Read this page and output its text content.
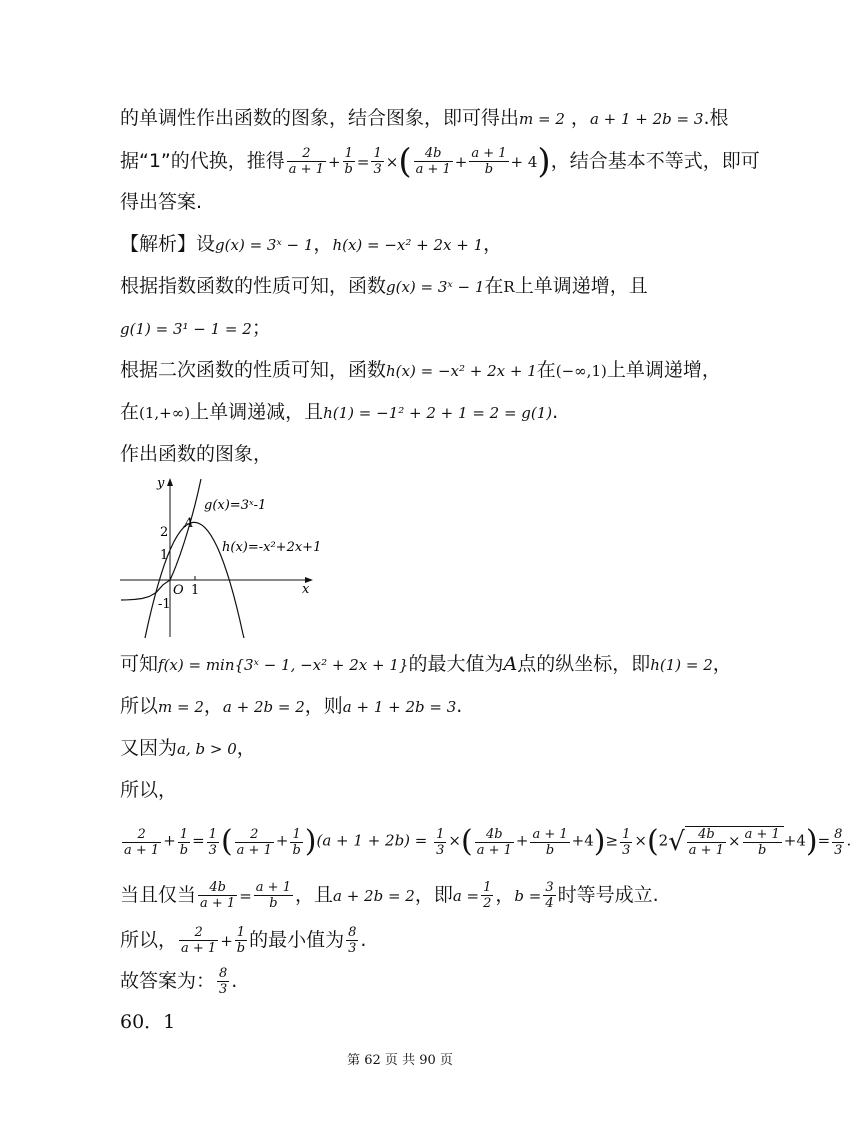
的单调性作出函数的图象，结合图象，即可得出m = 2 ，a + 1 + 2b = 3.根
据“1”的代换，推得 $\frac{2}{a + 1} + \frac{1}{b} = \frac{1}{3}$ ×( $\frac{4b}{a + 1} + \frac{a + 1}{b} + 4$)，结合基本不等式，即可
得出答案.
【解析】设g(x) = 3ˣ − 1，h(x) = −x² + 2x + 1，
根据指数函数的性质可知，函数g(x) = 3ˣ − 1在R上单调递增，且
g(1) = 3¹ − 1 = 2；
根据二次函数的性质可知，函数h(x) = −x² + 2x + 1在(−∞,1)上单调递增，
在(1,+∞)上单调递减，且h(1) = −1² + 2 + 1 = 2 = g(1).
作出函数的图象，
y
x
O 1
1
2
-1
A
g(x)=3ˣ-1
h(x)=-x²+2x+1
可知f(x) = min{3ˣ − 1, −x² + 2x + 1}的最大值为A点的纵坐标，即h(1) = 2，
所以m = 2，a + 2b = 2，则a + 1 + 2b = 3.
又因为a, b > 0，
所以，
$\frac{2}{a + 1} + \frac{1}{b} = \frac{1}{3}$ ( $\frac{2}{a + 1} + \frac{1}{b} )(a + 1 + 2b) = \frac{1}{3}$ ×( $\frac{4b}{a + 1} + \frac{a + 1}{b} +4)\ge \frac{1}{3} \times(2√ \frac{4b}{a + 1} \times \frac{a + 1}{b} +4)= \frac{8}{3}$ .
当且仅当 $\frac{4b}{a + 1} = \frac{a + 1}{b}$ ，且a + 2b = 2，即$a = \frac{1}{2}$ ，$b = \frac{3}{4}$ 时等号成立.
所以， $\frac{2}{a + 1} + \frac{1}{b}$ 的最小值为 $\frac{8}{3}$ .
故答案为： $\frac{8}{3}$ .
60．1
第 62 页 共 90 页
